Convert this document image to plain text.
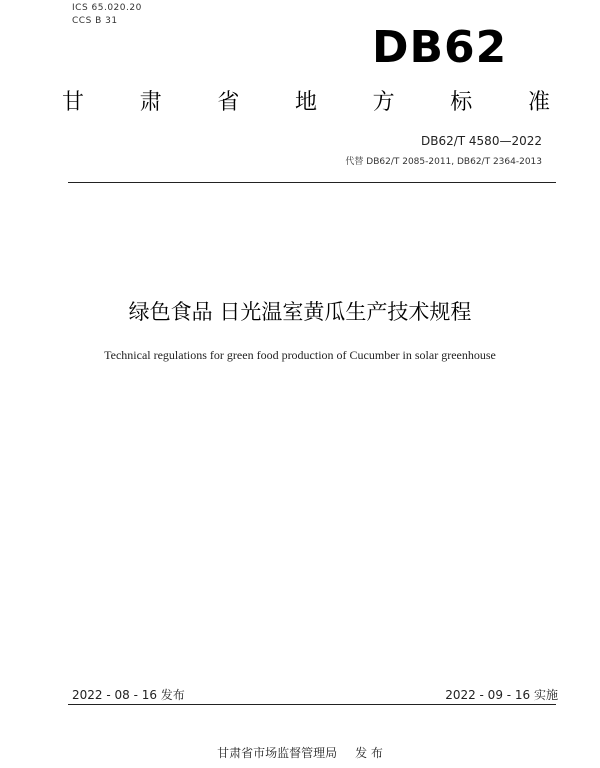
ICS 65.020.20
CCS B 31
DB62
甘	肃	省	地	方	标	准
DB62/T 4580—2022
代替 DB62/T 2085-2011, DB62/T 2364-2013
绿色食品 日光温室黄瓜生产技术规程
Technical regulations for green food production of Cucumber in solar greenhouse
2022 - 08 - 16 发布	2022 - 09 - 16 实施
甘肃省市场监督管理局 发 布
